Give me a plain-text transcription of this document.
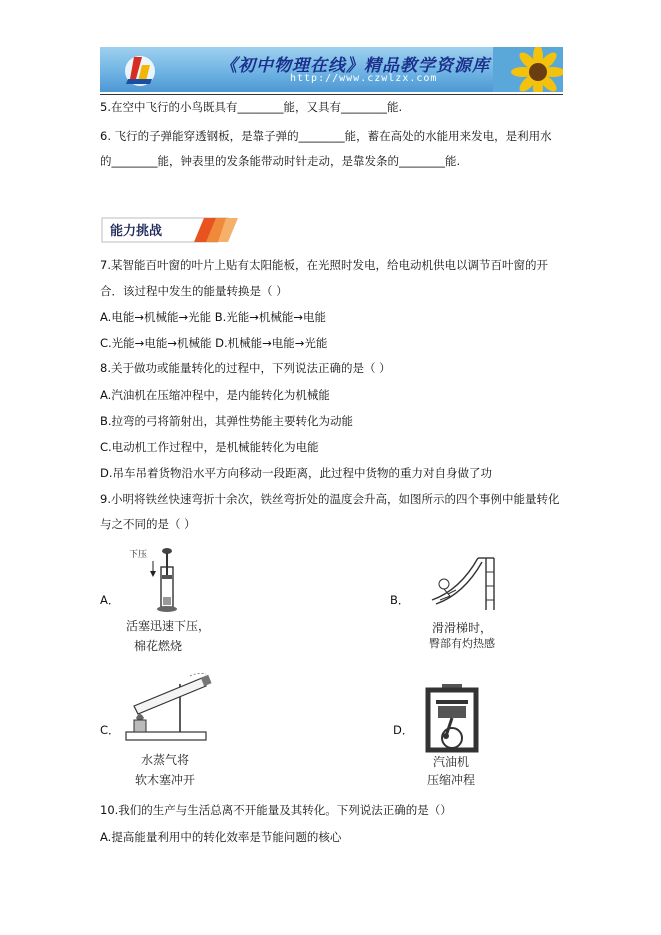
《初中物理在线》精品教学资源库
http://www.czwlzx.com
5.在空中飞行的小鸟既具有________能，又具有________能.
6. 飞行的子弹能穿透钢板，是靠子弹的________能，蓄在高处的水能用来发电，是利用水
的________能，钟表里的发条能带动时针走动，是靠发条的________能.
能力挑战
7.某智能百叶窗的叶片上贴有太阳能板，在光照时发电，给电动机供电以调节百叶窗的开
合．该过程中发生的能量转换是（ ）
A.电能→机械能→光能 B.光能→机械能→电能
C.光能→电能→机械能 D.机械能→电能→光能
8.关于做功或能量转化的过程中，下列说法正确的是（ ）
A.汽油机在压缩冲程中，是内能转化为机械能
B.拉弯的弓将箭射出，其弹性势能主要转化为动能
C.电动机工作过程中，是机械能转化为电能
D.吊车吊着货物沿水平方向移动一段距离，此过程中货物的重力对自身做了功
9.小明将铁丝快速弯折十余次，铁丝弯折处的温度会升高，如图所示的四个事例中能量转化
与之不同的是（ ）
A．
下压
活塞迅速下压，
棉花燃烧
B．
滑滑梯时，
臀部有灼热感
C．
水蒸气将
软木塞冲开
D．
汽油机
压缩冲程
10.我们的生产与生活总离不开能量及其转化。下列说法正确的是（）
A.提高能量利用中的转化效率是节能问题的核心
